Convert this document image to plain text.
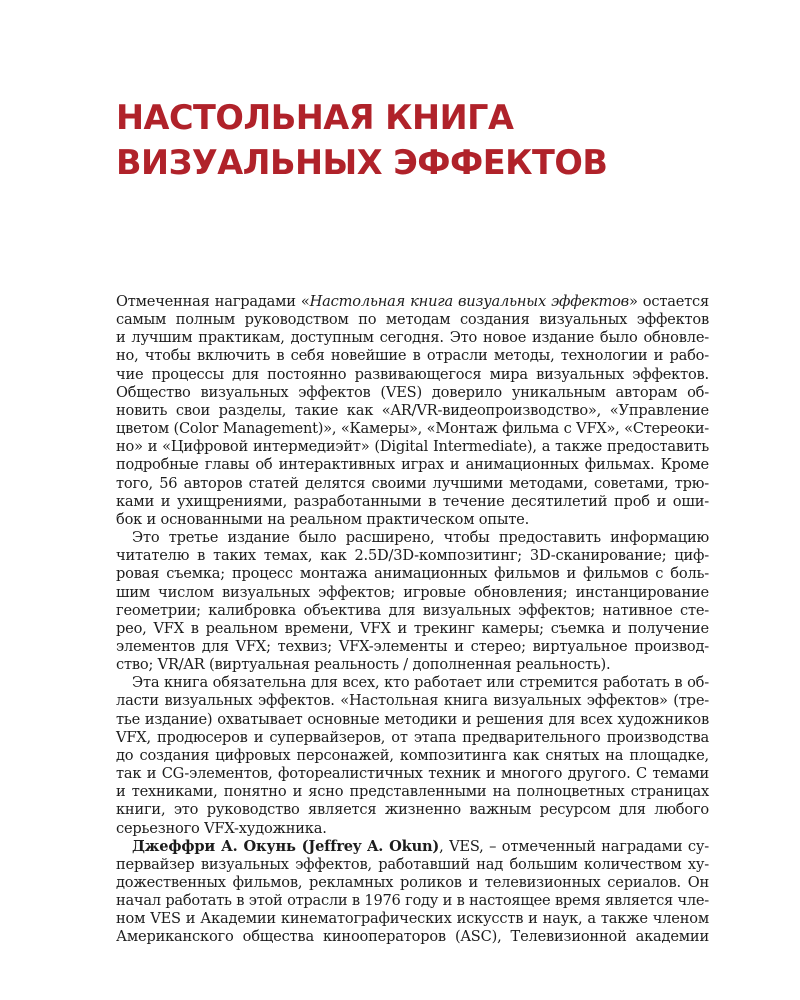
НАСТОЛЬНАЯ КНИГА
ВИЗУАЛЬНЫХ ЭФФЕКТОВ
Отмеченная наградами «Настольная книга визуальных эффектов» остается
самым полным руководством по методам создания визуальных эффектов
и лучшим практикам, доступным сегодня. Это новое издание было обновле-
но, чтобы включить в себя новейшие в отрасли методы, технологии и рабо-
чие процессы для постоянно развивающегося мира визуальных эффектов.
Общество визуальных эффектов (VES) доверило уникальным авторам об-
новить свои разделы, такие как «AR/VR-видеопроизводство», «Управление
цветом (Color Management)», «Камеры», «Монтаж фильма с VFX», «Стереоки-
но» и «Цифровой интермедиэйт» (Digital Intermediate), а также предоставить
подробные главы об интерактивных играх и анимационных фильмах. Кроме
того, 56 авторов статей делятся своими лучшими методами, советами, трю-
ками и ухищрениями, разработанными в течение десятилетий проб и оши-
бок и основанными на реальном практическом опыте.
Это третье издание было расширено, чтобы предоставить информацию
читателю в таких темах, как 2.5D/3D-композитинг; 3D-сканирование; циф-
ровая съемка; процесс монтажа анимационных фильмов и фильмов с боль-
шим числом визуальных эффектов; игровые обновления; инстанцирование
геометрии; калибровка объектива для визуальных эффектов; нативное сте-
рео, VFX в реальном времени, VFX и трекинг камеры; съемка и получение
элементов для VFX; техвиз; VFX-элементы и стерео; виртуальное производ-
ство; VR/AR (виртуальная реальность / дополненная реальность).
Эта книга обязательна для всех, кто работает или стремится работать в об-
ласти визуальных эффектов. «Настольная книга визуальных эффектов» (тре-
тье издание) охватывает основные методики и решения для всех художников
VFX, продюсеров и супервайзеров, от этапа предварительного производства
до создания цифровых персонажей, композитинга как снятых на площадке,
так и CG-элементов, фотореалистичных техник и многого другого. С темами
и техниками, понятно и ясно представленными на полноцветных страницах
книги, это руководство является жизненно важным ресурсом для любого
серьезного VFX-художника.
Джеффри А. Окунь (Jeffrey A. Okun), VES, – отмеченный наградами су-
первайзер визуальных эффектов, работавший над большим количеством ху-
дожественных фильмов, рекламных роликов и телевизионных сериалов. Он
начал работать в этой отрасли в 1976 году и в настоящее время является чле-
ном VES и Академии кинематографических искусств и наук, а также членом
Американского общества кинооператоров (ASC), Телевизионной академии
